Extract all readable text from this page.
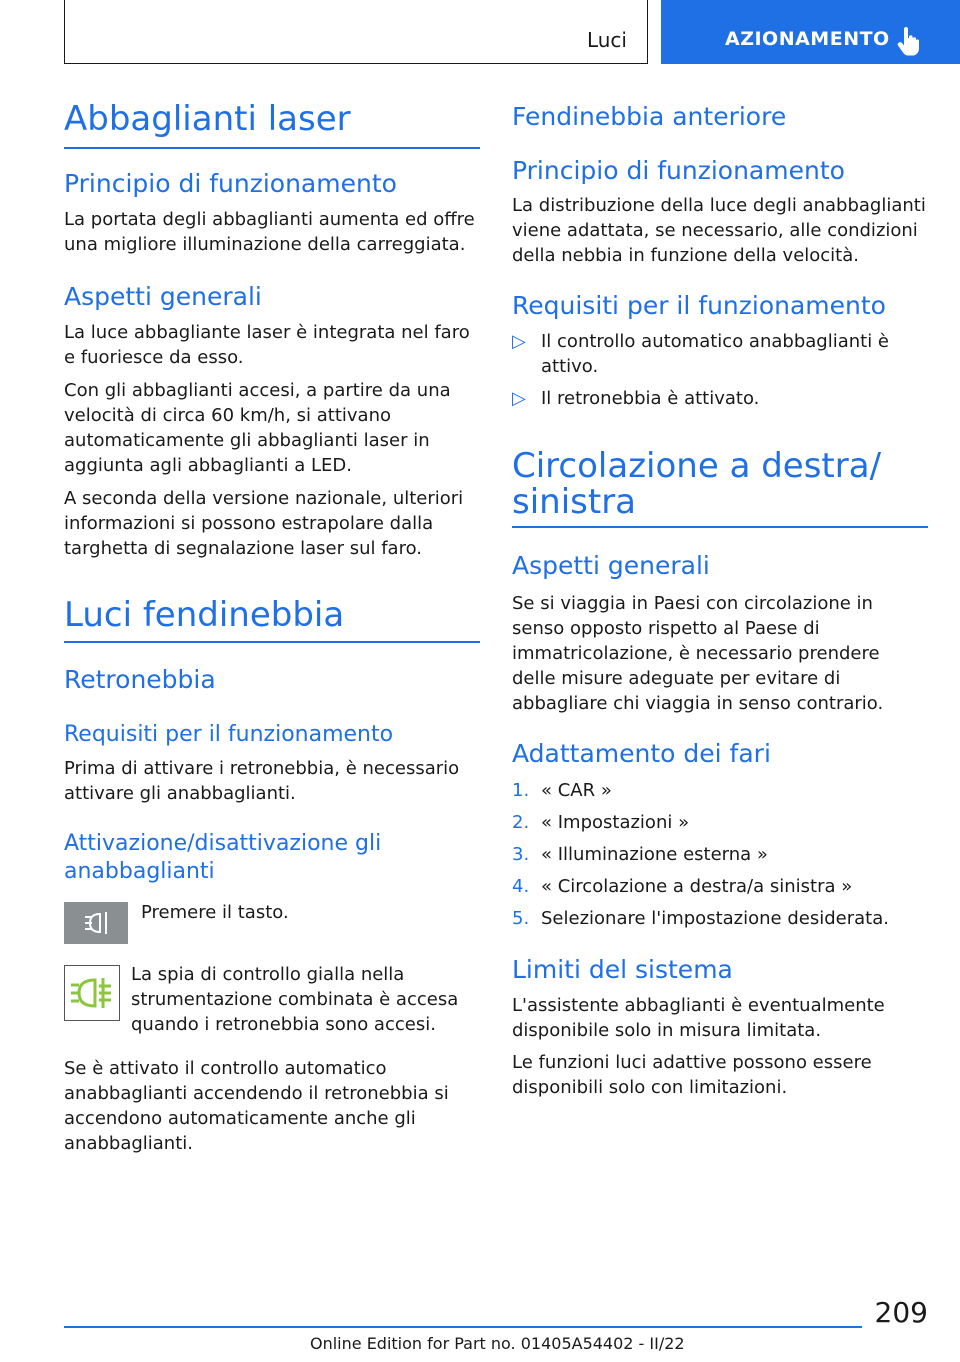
Luci	AZIONAMENTO
Abbaglianti laser
Principio di funzionamento
La portata degli abbaglianti aumenta ed offre una migliore illuminazione della carreggiata.
Aspetti generali
La luce abbagliante laser è integrata nel faro e fuoriesce da esso.
Con gli abbaglianti accesi, a partire da una velocità di circa 60 km/h, si attivano automaticamente gli abbaglianti laser in aggiunta agli abbaglianti a LED.
A seconda della versione nazionale, ulteriori informazioni si possono estrapolare dalla targhetta di segnalazione laser sul faro.
Luci fendinebbia
Retronebbia
Requisiti per il funzionamento
Prima di attivare i retronebbia, è necessario attivare gli anabbaglianti.
Attivazione/disattivazione gli
anabbaglianti
Premere il tasto.
La spia di controllo gialla nella strumentazione combinata è accesa quando i retronebbia sono accesi.
Se è attivato il controllo automatico anabbaglianti accendendo il retronebbia si accendono automaticamente anche gli anabbaglianti.
Fendinebbia anteriore
Principio di funzionamento
La distribuzione della luce degli anabbaglianti viene adattata, se necessario, alle condizioni della nebbia in funzione della velocità.
Requisiti per il funzionamento
▷ Il controllo automatico anabbaglianti è attivo.
▷ Il retronebbia è attivato.
Circolazione a destra/
sinistra
Aspetti generali
Se si viaggia in Paesi con circolazione in senso opposto rispetto al Paese di immatricolazione, è necessario prendere delle misure adeguate per evitare di abbagliare chi viaggia in senso contrario.
Adattamento dei fari
1. « CAR »
2. « Impostazioni »
3. « Illuminazione esterna »
4. « Circolazione a destra/a sinistra »
5. Selezionare l'impostazione desiderata.
Limiti del sistema
L'assistente abbaglianti è eventualmente disponibile solo in misura limitata.
Le funzioni luci adattive possono essere disponibili solo con limitazioni.
209
Online Edition for Part no. 01405A54402 - II/22
